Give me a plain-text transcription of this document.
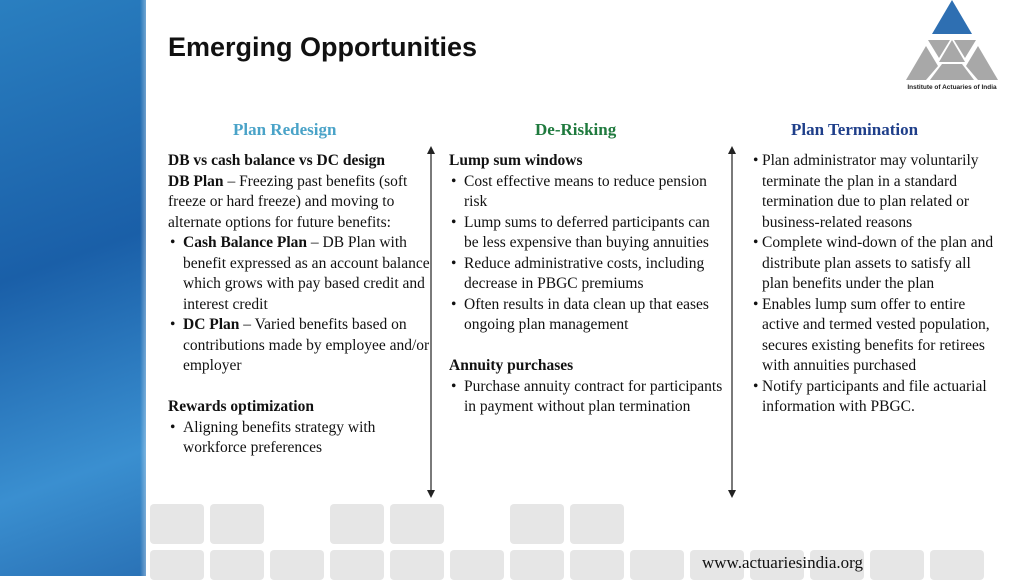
Emerging Opportunities
Institute of Actuaries of India
Plan Redesign	De-Risking	Plan Termination

DB vs cash balance vs DC design

DB Plan – Freezing past benefits (soft freeze or hard freeze) and moving to alternate options for future benefits:

• Cash Balance Plan – DB Plan with benefit expressed as an account balance which grows with pay based credit and interest credit
• DC Plan – Varied benefits based on contributions made by employee and/or employer

Rewards optimization

• Aligning benefits strategy with workforce preferences

Lump sum windows

• Cost effective means to reduce pension risk
• Lump sums to deferred participants can be less expensive than buying annuities
• Reduce administrative costs, including decrease in PBGC premiums
• Often results in data clean up that eases ongoing plan management

Annuity purchases

• Purchase annuity contract for participants in payment without plan termination
• Plan administrator may voluntarily terminate the plan in a standard termination due to plan related or business-related reasons
• Complete wind-down of the plan and distribute plan assets to satisfy all plan benefits under the plan
• Enables lump sum offer to entire active and termed vested population, secures existing benefits for retirees with annuities purchased
• Notify participants and file actuarial information with PBGC.
www.actuariesindia.org
